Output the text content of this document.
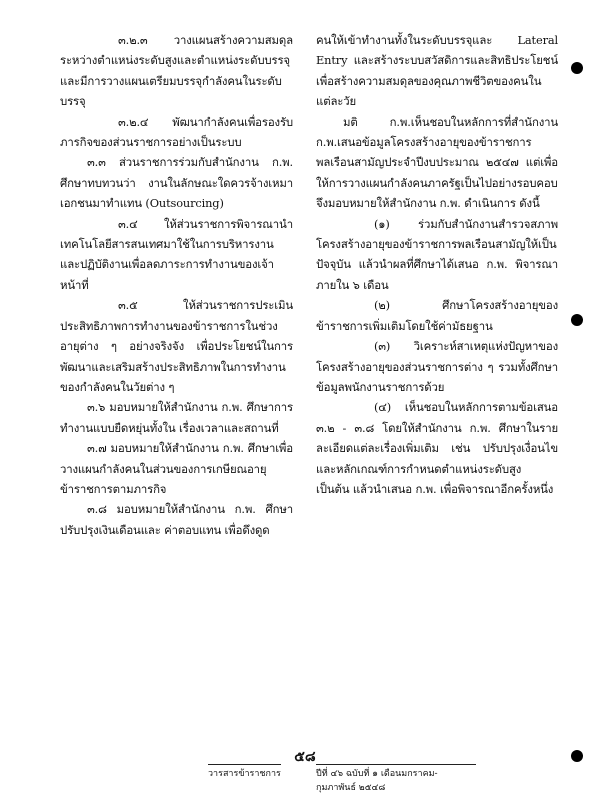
๓.๒.๓ วางแผนสร้างความสมดุลระหว่างตำแหน่งระดับสูงและตำแหน่งระดับบรรจุ และมีการวางแผนเตรียมบรรจุกำลังคนในระดับบรรจุ

๓.๒.๔ พัฒนากำลังคนเพื่อรองรับภารกิจของส่วนราชการอย่างเป็นระบบ

๓.๓ ส่วนราชการร่วมกับสำนักงาน ก.พ. ศึกษาทบทวนว่า งานในลักษณะใดควรจ้างเหมาเอกชนมาทำแทน (Outsourcing)

๓.๔ ให้ส่วนราชการพิจารณานำเทคโนโลยีสารสนเทศมาใช้ในการบริหารงาน และปฏิบัติงานเพื่อลดภาระการทำงานของเจ้าหน้าที่

๓.๕ ให้ส่วนราชการประเมินประสิทธิภาพการทำงานของข้าราชการในช่วงอายุต่าง ๆ อย่างจริงจัง เพื่อประโยชน์ในการพัฒนาและเสริมสร้างประสิทธิภาพในการทำงานของกำลังคนในวัยต่าง ๆ

๓.๖ มอบหมายให้สำนักงาน ก.พ. ศึกษาการทำงานแบบยืดหยุ่นทั้งใน เรื่องเวลาและสถานที่

๓.๗ มอบหมายให้สำนักงาน ก.พ. ศึกษาเพื่อวางแผนกำลังคนในส่วนของการเกษียณอายุข้าราชการตามภารกิจ

๓.๘ มอบหมายให้สำนักงาน ก.พ. ศึกษาปรับปรุงเงินเดือนและ ค่าตอบแทน เพื่อดึงดูด

คนให้เข้าทำงานทั้งในระดับบรรจุและ Lateral Entry และสร้างระบบสวัสดิการและสิทธิประโยชน์เพื่อสร้างความสมดุลของคุณภาพชีวิตของคนในแต่ละวัย

มติ ก.พ.เห็นชอบในหลักการที่สำนักงาน ก.พ.เสนอข้อมูลโครงสร้างอายุของข้าราชการพลเรือนสามัญประจำปีงบประมาณ ๒๕๔๗ แต่เพื่อให้การวางแผนกำลังคนภาครัฐเป็นไปอย่างรอบคอบ จึงมอบหมายให้สำนักงาน ก.พ. ดำเนินการ ดังนี้

(๑) ร่วมกับสำนักงานสำรวจสภาพโครงสร้างอายุของข้าราชการพลเรือนสามัญให้เป็นปัจจุบัน แล้วนำผลที่ศึกษาได้เสนอ ก.พ. พิจารณาภายใน ๖ เดือน

(๒) ศึกษาโครงสร้างอายุของข้าราชการเพิ่มเติมโดยใช้ค่ามัธยฐาน

(๓) วิเคราะห์สาเหตุแห่งปัญหาของโครงสร้างอายุของส่วนราชการต่าง ๆ รวมทั้งศึกษาข้อมูลพนักงานราชการด้วย

(๔) เห็นชอบในหลักการตามข้อเสนอ ๓.๒ - ๓.๘ โดยให้สำนักงาน ก.พ. ศึกษาในรายละเอียดแต่ละเรื่องเพิ่มเติม เช่น ปรับปรุงเงื่อนไขและหลักเกณฑ์การกำหนดตำแหน่งระดับสูง เป็นต้น แล้วนำเสนอ ก.พ. เพื่อพิจารณาอีกครั้งหนึ่ง

๕๘
วารสารข้าราชการ	ปีที่ ๔๖ ฉบับที่ ๑ เดือนมกราคม-กุมภาพันธ์ ๒๕๔๘
